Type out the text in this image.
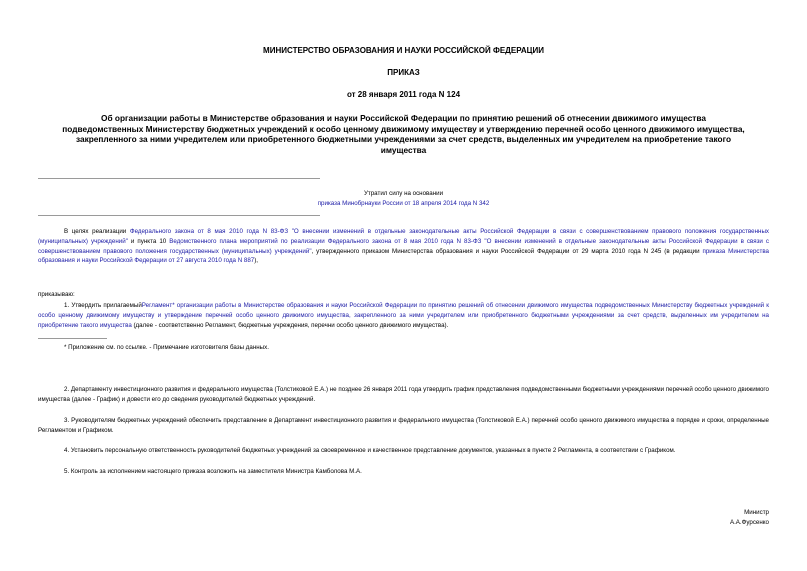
МИНИСТЕРСТВО ОБРАЗОВАНИЯ И НАУКИ РОССИЙСКОЙ ФЕДЕРАЦИИ
ПРИКАЗ
от 28 января 2011 года N 124
Об организации работы в Министерстве образования и науки Российской Федерации по принятию решений об отнесении движимого имущества
подведомственных Министерству бюджетных учреждений к особо ценному движимому имуществу и утверждению перечней особо ценного движимого имущества,
закрепленного за ними учредителем или приобретенного бюджетными учреждениями за счет средств, выделенных им учредителем на приобретение такого
имущества
Утратил силу на основании
приказа Минобрнауки России от 18 апреля 2014 года N 342
В целях реализации Федерального закона от 8 мая 2010 года N 83-ФЗ "О внесении изменений в отдельные законодательные акты Российской Федерации в связи с совершенствованием правового положения государственных (муниципальных) учреждений" и пункта 10 Ведомственного плана мероприятий по реализации Федерального закона от 8 мая 2010 года N 83-ФЗ "О внесении изменений в отдельные законодательные акты Российской Федерации в связи с совершенствованием правового положения государственных (муниципальных) учреждений", утвержденного приказом Министерства образования и науки Российской Федерации от 29 марта 2010 года N 245 (в редакции приказа Министерства образования и науки Российской Федерации от 27 августа 2010 года N 887),
приказываю:
1. Утвердить прилагаемыйРегламент* организации работы в Министерстве образования и науки Российской Федерации по принятию решений об отнесении движимого имущества подведомственных Министерству бюджетных учреждений к особо ценному движимому имуществу и утверждение перечней особо ценного движимого имущества, закрепленного за ними учредителем или приобретенного бюджетными учреждениями за счет средств, выделенных им учредителем на приобретение такого имущества (далее - соответственно Регламент, бюджетные учреждения, перечни особо ценного движимого имущества).
* Приложение см. по ссылке. - Примечание изготовителя базы данных.
2. Департаменту инвестиционного развития и федерального имущества (Толстиковой Е.А.) не позднее 26 января 2011 года утвердить график представления подведомственными бюджетными учреждениями перечней особо ценного движимого имущества (далее - График) и довести его до сведения руководителей бюджетных учреждений.
3. Руководителям бюджетных учреждений обеспечить представление в Департамент инвестиционного развития и федерального имущества (Толстиковой Е.А.) перечней особо ценного движимого имущества в порядке и сроки, определенные Регламентом и Графиком.
4. Установить персональную ответственность руководителей бюджетных учреждений за своевременное и качественное представление документов, указанных в пункте 2 Регламента, в соответствии с Графиком.
5. Контроль за исполнением настоящего приказа возложить на заместителя Министра Камболова М.А.
Министр
А.А.Фурсенко
